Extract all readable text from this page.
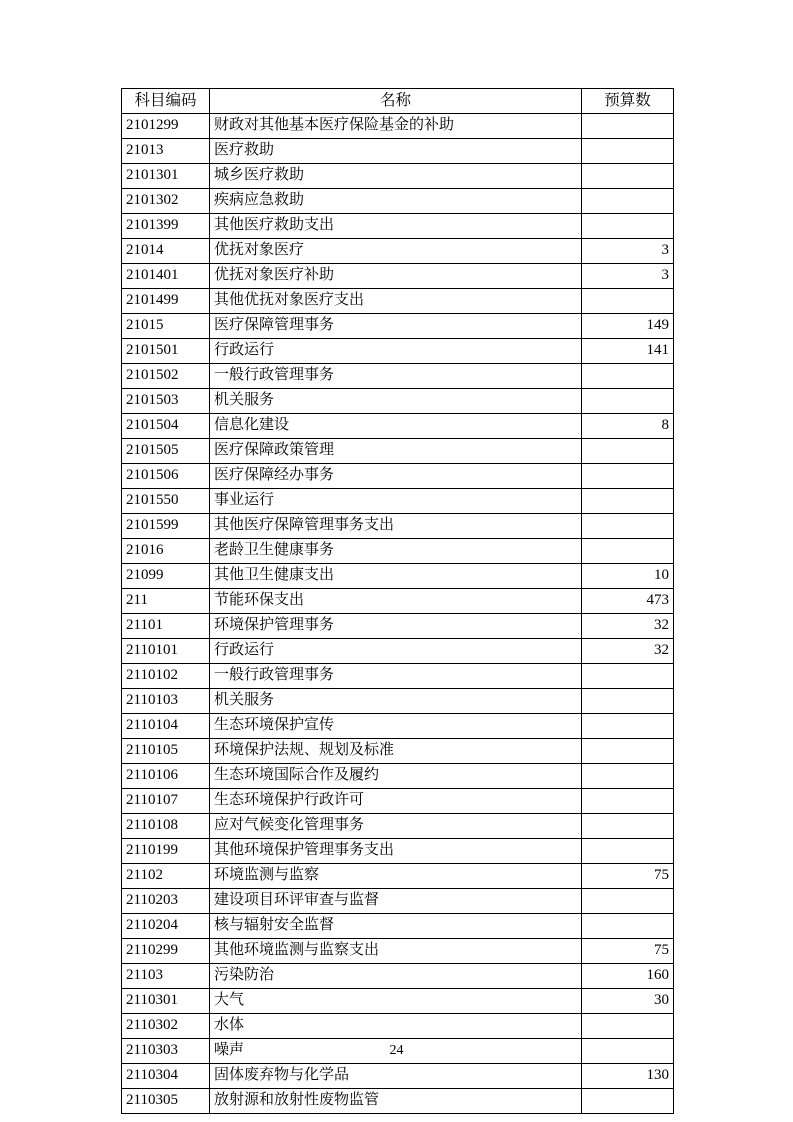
科目编码	名称	预算数
2101299	财政对其他基本医疗保险基金的补助	
21013	医疗救助	
2101301	城乡医疗救助	
2101302	疾病应急救助	
2101399	其他医疗救助支出	
21014	优抚对象医疗	3
2101401	优抚对象医疗补助	3
2101499	其他优抚对象医疗支出	
21015	医疗保障管理事务	149
2101501	行政运行	141
2101502	一般行政管理事务	
2101503	机关服务	
2101504	信息化建设	8
2101505	医疗保障政策管理	
2101506	医疗保障经办事务	
2101550	事业运行	
2101599	其他医疗保障管理事务支出	
21016	老龄卫生健康事务	
21099	其他卫生健康支出	10
211	节能环保支出	473
21101	环境保护管理事务	32
2110101	行政运行	32
2110102	一般行政管理事务	
2110103	机关服务	
2110104	生态环境保护宣传	
2110105	环境保护法规、规划及标准	
2110106	生态环境国际合作及履约	
2110107	生态环境保护行政许可	
2110108	应对气候变化管理事务	
2110199	其他环境保护管理事务支出	
21102	环境监测与监察	75
2110203	建设项目环评审查与监督	
2110204	核与辐射安全监督	
2110299	其他环境监测与监察支出	75
21103	污染防治	160
2110301	大气	30
2110302	水体	
2110303	噪声	
2110304	固体废弃物与化学品	130
2110305	放射源和放射性废物监管	
24
